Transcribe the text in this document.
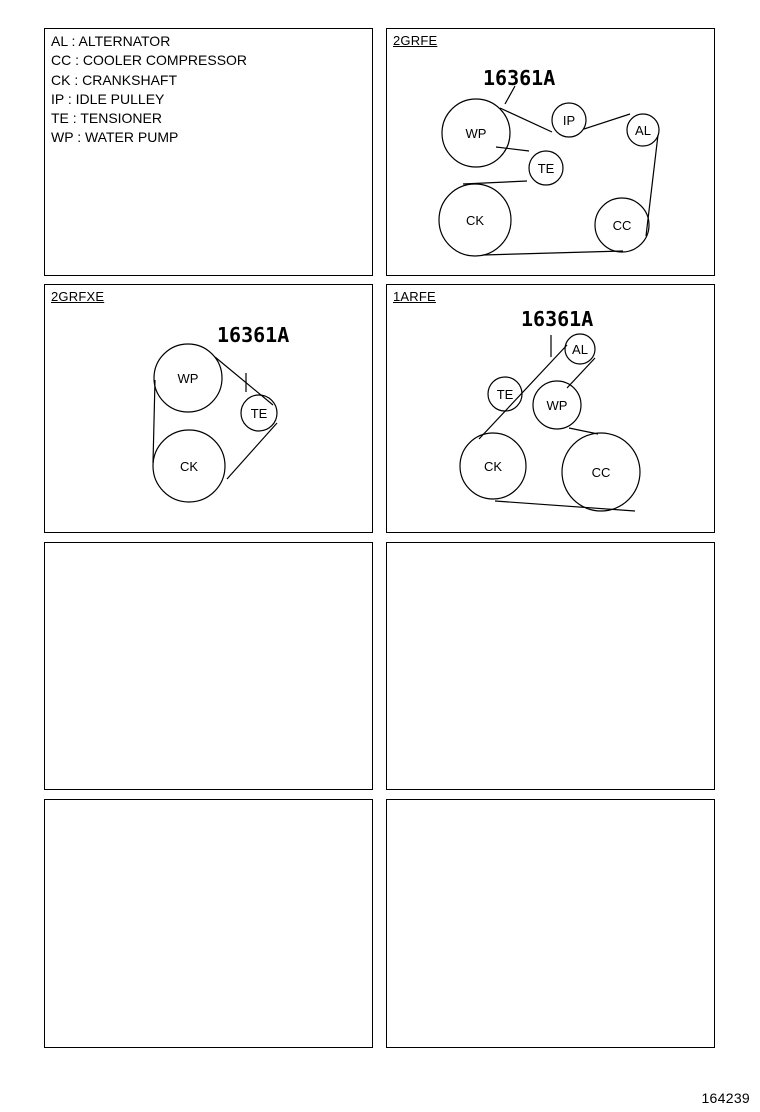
AL : ALTERNATOR
CC : COOLER COMPRESSOR
CK : CRANKSHAFT
IP : IDLE PULLEY
TE : TENSIONER
WP : WATER PUMP
2GRFE
16361A
WP
IP
AL
TE
CK	CC
2GRFXE
16361A
WP
TE
CK
1ARFE
16361A
AL
TE
WP
CK	CC
164239
